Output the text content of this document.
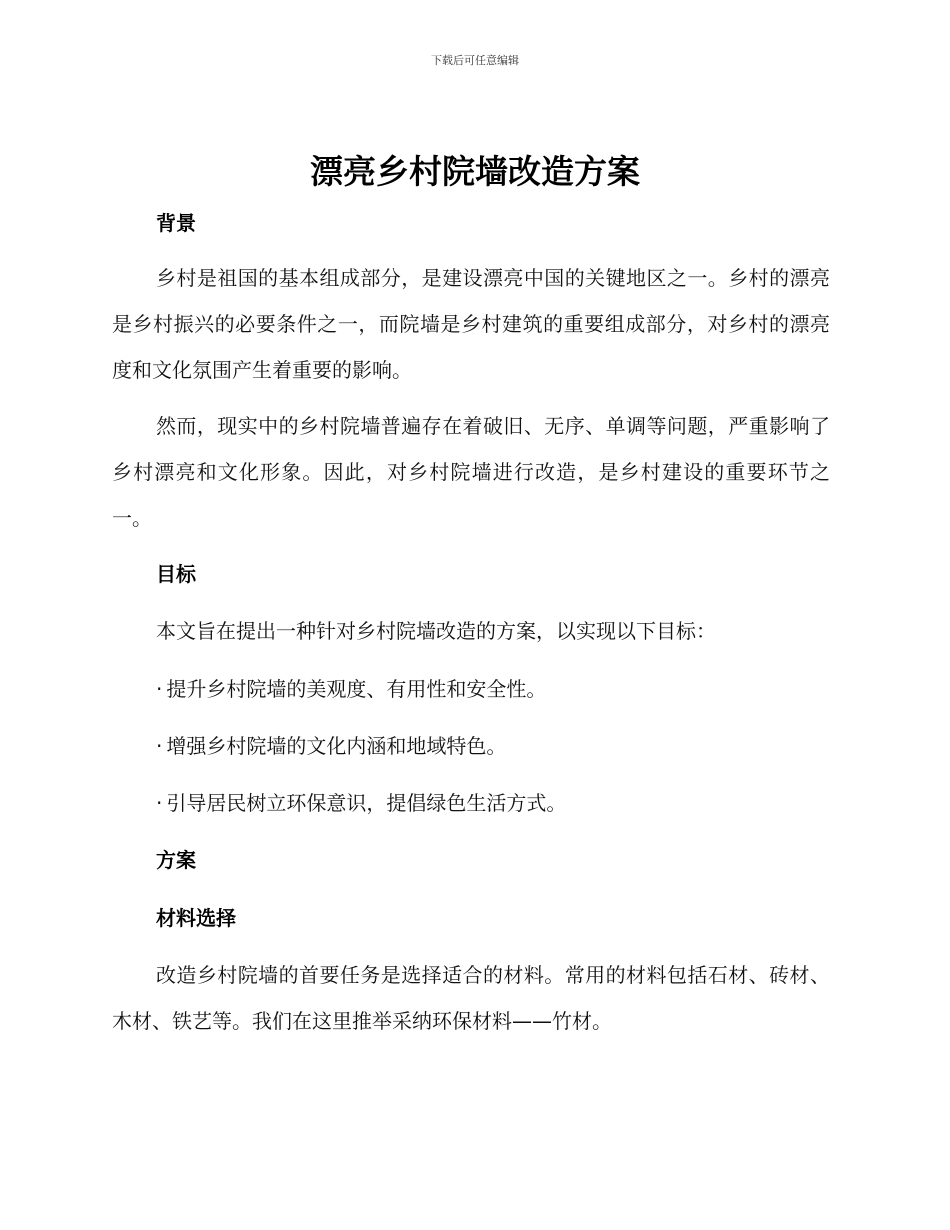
下载后可任意编辑
漂亮乡村院墙改造方案
背景

乡村是祖国的基本组成部分，是建设漂亮中国的关键地区之一。乡村的漂亮是乡村振兴的必要条件之一，而院墙是乡村建筑的重要组成部分，对乡村的漂亮度和文化氛围产生着重要的影响。

然而，现实中的乡村院墙普遍存在着破旧、无序、单调等问题，严重影响了乡村漂亮和文化形象。因此，对乡村院墙进行改造，是乡村建设的重要环节之一。

目标

本文旨在提出一种针对乡村院墙改造的方案，以实现以下目标：

· 提升乡村院墙的美观度、有用性和安全性。

· 增强乡村院墙的文化内涵和地域特色。

· 引导居民树立环保意识，提倡绿色生活方式。

方案
材料选择

改造乡村院墙的首要任务是选择适合的材料。常用的材料包括石材、砖材、木材、铁艺等。我们在这里推举采纳环保材料——竹材。
